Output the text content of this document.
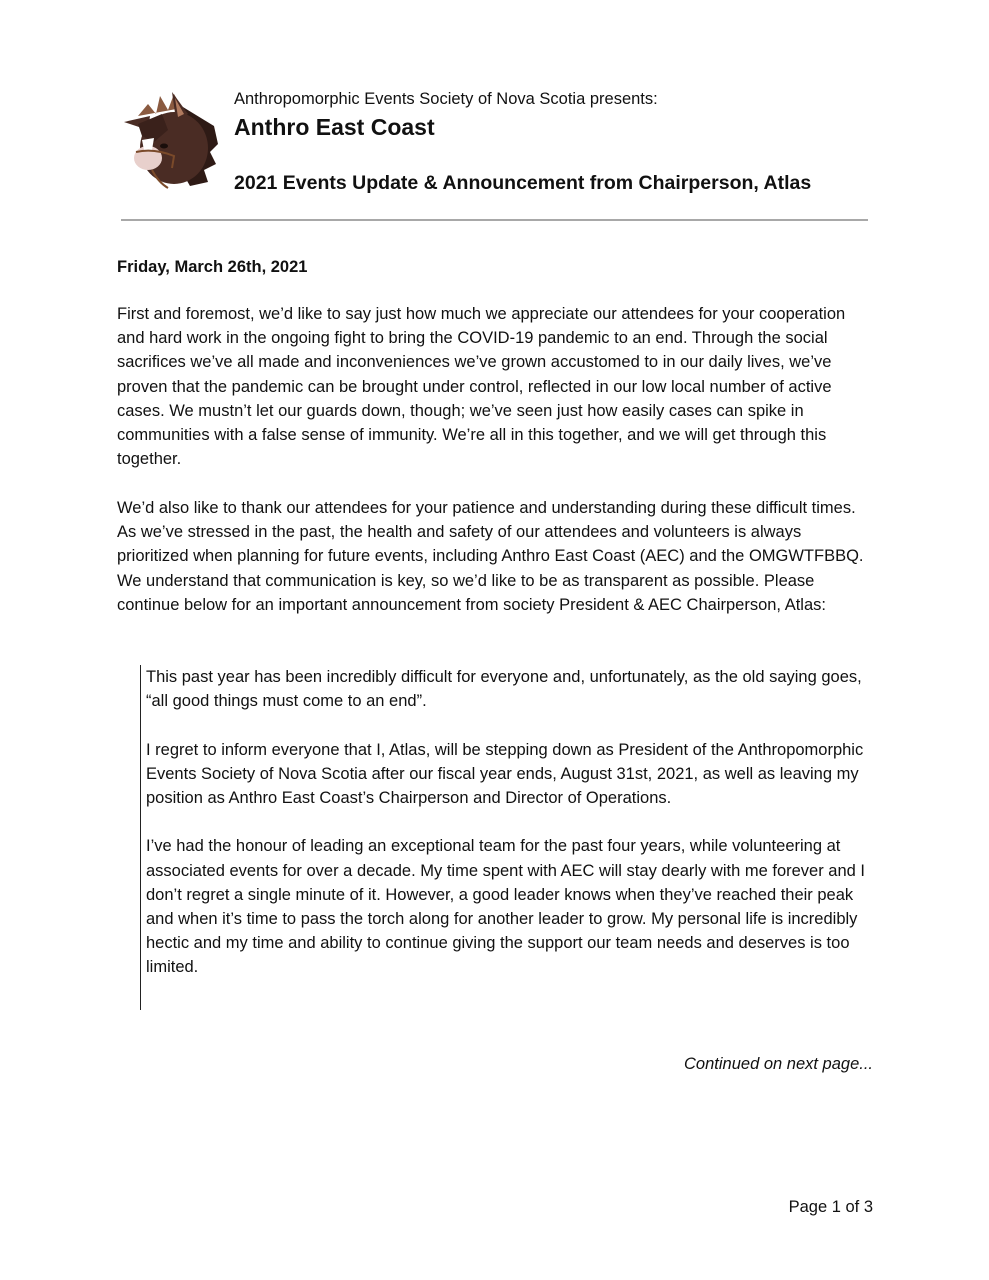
Anthropomorphic Events Society of Nova Scotia presents:
Anthro East Coast
2021 Events Update & Announcement from Chairperson, Atlas
Friday, March 26th, 2021

First and foremost, we’d like to say just how much we appreciate our attendees for your cooperation and hard work in the ongoing fight to bring the COVID-19 pandemic to an end. Through the social sacrifices we’ve all made and inconveniences we’ve grown accustomed to in our daily lives, we’ve proven that the pandemic can be brought under control, reflected in our low local number of active cases. We mustn’t let our guards down, though; we’ve seen just how easily cases can spike in communities with a false sense of immunity. We’re all in this together, and we will get through this together.

We’d also like to thank our attendees for your patience and understanding during these difficult times. As we’ve stressed in the past, the health and safety of our attendees and volunteers is always prioritized when planning for future events, including Anthro East Coast (AEC) and the OMGWTFBBQ. We understand that communication is key, so we’d like to be as transparent as possible. Please continue below for an important announcement from society President & AEC Chairperson, Atlas:

This past year has been incredibly difficult for everyone and, unfortunately, as the old saying goes, “all good things must come to an end”.

I regret to inform everyone that I, Atlas, will be stepping down as President of the Anthropomorphic Events Society of Nova Scotia after our fiscal year ends, August 31st, 2021, as well as leaving my position as Anthro East Coast’s Chairperson and Director of Operations.

I’ve had the honour of leading an exceptional team for the past four years, while volunteering at associated events for over a decade. My time spent with AEC will stay dearly with me forever and I don’t regret a single minute of it. However, a good leader knows when they’ve reached their peak and when it’s time to pass the torch along for another leader to grow. My personal life is incredibly hectic and my time and ability to continue giving the support our team needs and deserves is too limited.

Continued on next page...
Page 1 of 3
